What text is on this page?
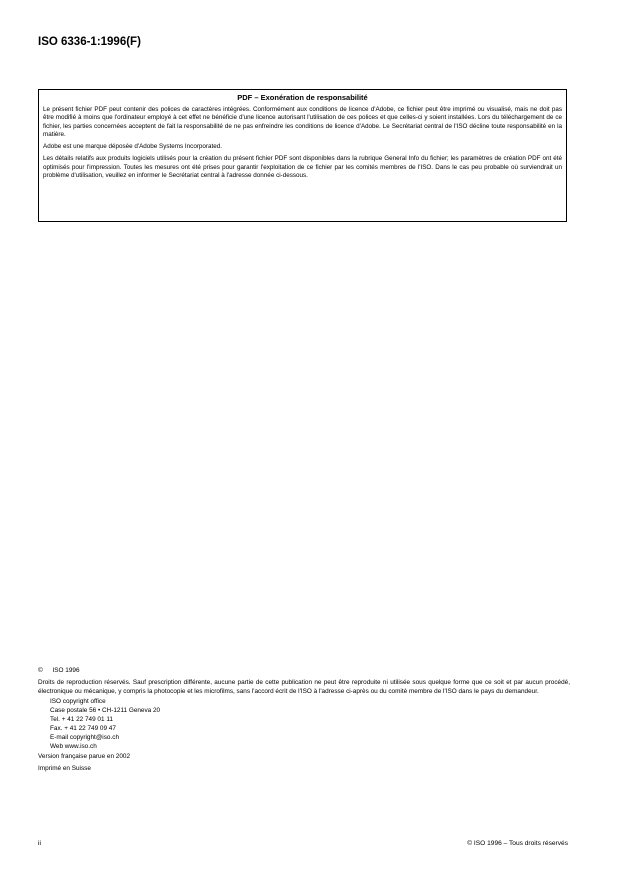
ISO 6336-1:1996(F)
PDF – Exonération de responsabilité

Le présent fichier PDF peut contenir des polices de caractères intégrées. Conformément aux conditions de licence d'Adobe, ce fichier peut être imprimé ou visualisé, mais ne doit pas être modifié à moins que l'ordinateur employé à cet effet ne bénéficie d'une licence autorisant l'utilisation de ces polices et que celles-ci y soient installées. Lors du téléchargement de ce fichier, les parties concernées acceptent de fait la responsabilité de ne pas enfreindre les conditions de licence d'Adobe. Le Secrétariat central de l'ISO décline toute responsabilité en la matière.

Adobe est une marque déposée d'Adobe Systems Incorporated.

Les détails relatifs aux produits logiciels utilisés pour la création du présent fichier PDF sont disponibles dans la rubrique General Info du fichier; les paramètres de création PDF ont été optimisés pour l'impression. Toutes les mesures ont été prises pour garantir l'exploitation de ce fichier par les comités membres de l'ISO. Dans le cas peu probable où surviendrait un problème d'utilisation, veuillez en informer le Secrétariat central à l'adresse donnée ci-dessous.

© ISO 1996

Droits de reproduction réservés. Sauf prescription différente, aucune partie de cette publication ne peut être reproduite ni utilisée sous quelque forme que ce soit et par aucun procédé, électronique ou mécanique, y compris la photocopie et les microfilms, sans l'accord écrit de l'ISO à l'adresse ci-après ou du comité membre de l'ISO dans le pays du demandeur.

ISO copyright office
Case postale 56 • CH-1211 Geneva 20
Tel. + 41 22 749 01 11
Fax. + 41 22 749 09 47
E-mail copyright@iso.ch
Web www.iso.ch

Version française parue en 2002

Imprimé en Suisse

ii	© ISO 1996 – Tous droits réservés
